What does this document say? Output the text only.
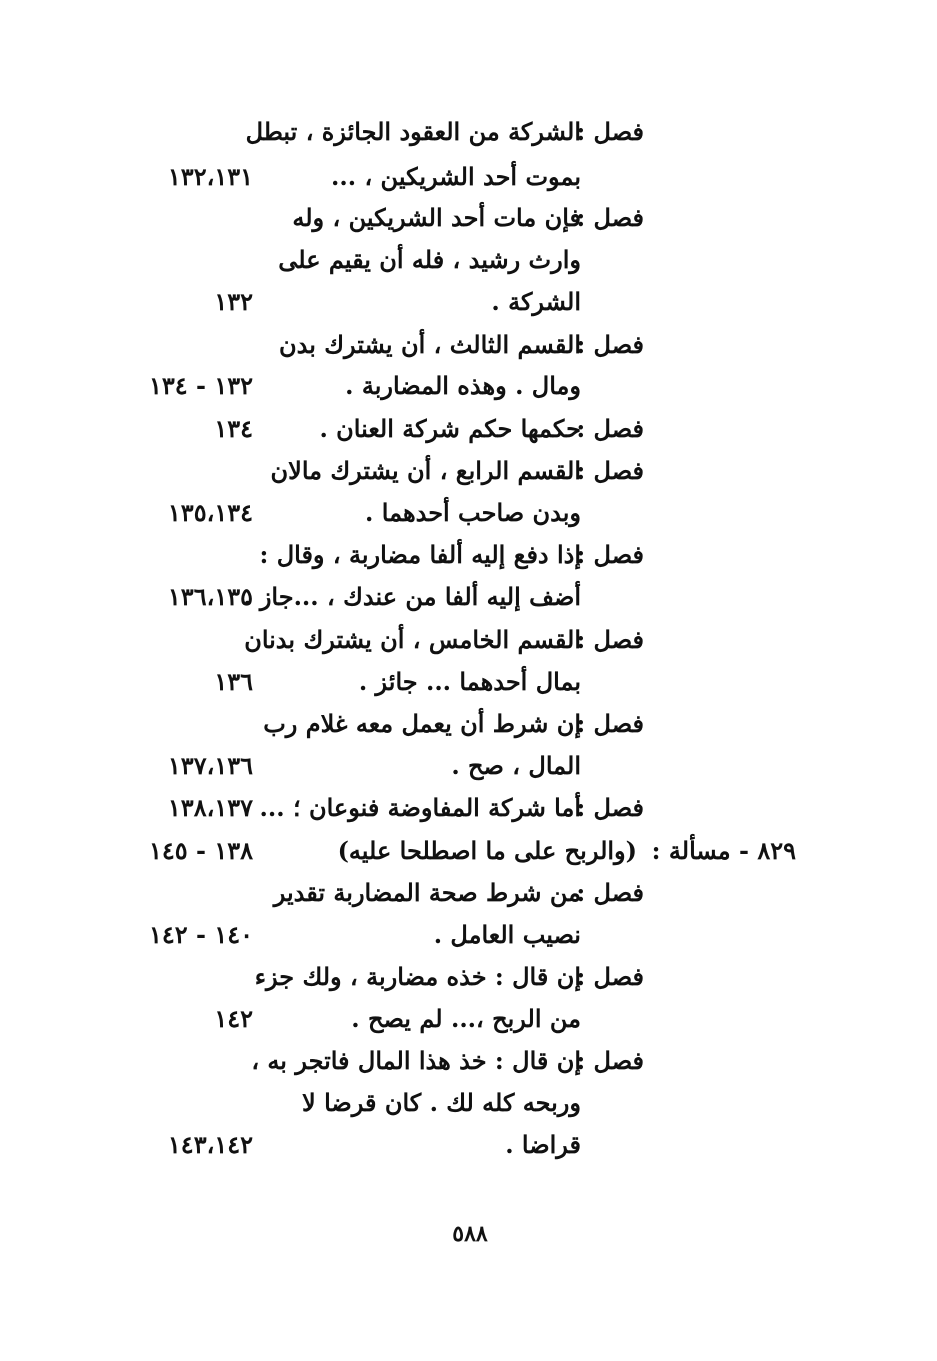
فصل :
الشركة من العقود الجائزة ، تبطل
بموت أحد الشريكين ، ...
١٣٢،١٣١
فصل :
فإن مات أحد الشريكين ، وله
وارث رشيد ، فله أن يقيم على
الشركة .
١٣٢
فصل :
القسم الثالث ، أن يشترك بدن
ومال . وهذه المضاربة .
١٣٢ - ١٣٤
فصل :
حكمها حكم شركة العنان .
١٣٤
فصل :
القسم الرابع ، أن يشترك مالان
وبدن صاحب أحدهما .
١٣٥،١٣٤
فصل :
إذا دفع إليه ألفا مضاربة ، وقال :
أضف إليه ألفا من عندك ، ...جاز .
١٣٦،١٣٥
فصل :
القسم الخامس ، أن يشترك بدنان
بمال أحدهما ... جائز .
١٣٦
فصل :
إن شرط أن يعمل معه غلام رب
المال ، صح .
١٣٧،١٣٦
فصل :
أما شركة المفاوضة فنوعان ؛ ...
١٣٨،١٣٧
٨٢٩ - مسألة :
(والربح على ما اصطلحا عليه)
١٣٨ - ١٤٥
فصل :
من شرط صحة المضاربة تقدير
نصيب العامل .
١٤٠ - ١٤٢
فصل :
إن قال : خذه مضاربة ، ولك جزء
من الربح ،... لم يصح .
١٤٢
فصل :
إن قال : خذ هذا المال فاتجر به ،
وربحه كله لك . كان قرضا لا
قراضا .
١٤٣،١٤٢
٥٨٨
